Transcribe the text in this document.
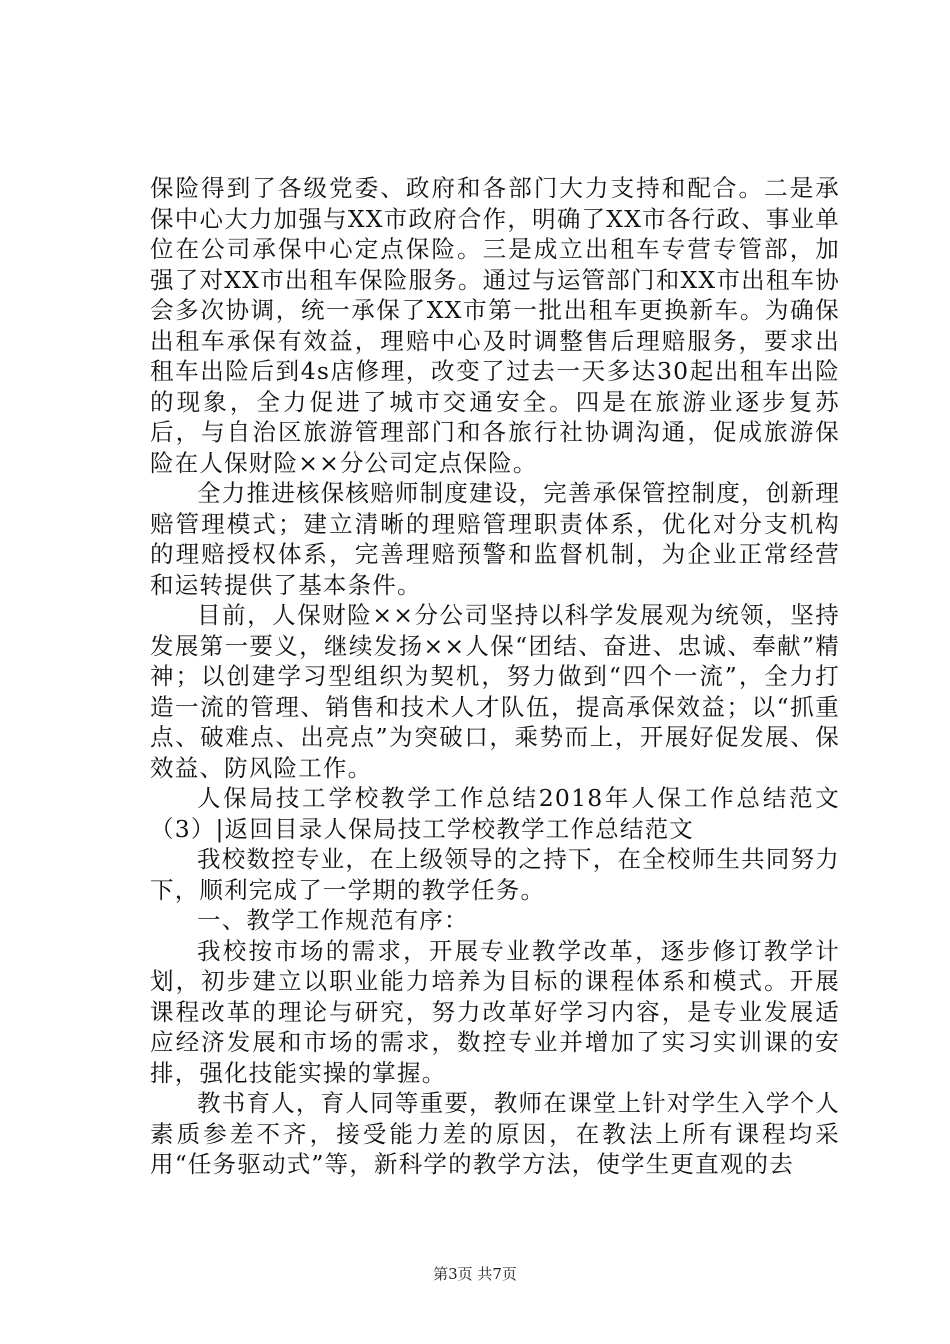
保险得到了各级党委、政府和各部门大力支持和配合。二是承保中心大力加强与XX市政府合作，明确了XX市各行政、事业单位在公司承保中心定点保险。三是成立出租车专营专管部，加强了对XX市出租车保险服务。通过与运管部门和XX市出租车协会多次协调，统一承保了XX市第一批出租车更换新车。为确保出租车承保有效益，理赔中心及时调整售后理赔服务，要求出租车出险后到4s店修理，改变了过去一天多达30起出租车出险的现象，全力促进了城市交通安全。四是在旅游业逐步复苏后，与自治区旅游管理部门和各旅行社协调沟通，促成旅游保险在人保财险××分公司定点保险。

全力推进核保核赔师制度建设，完善承保管控制度，创新理赔管理模式；建立清晰的理赔管理职责体系，优化对分支机构的理赔授权体系，完善理赔预警和监督机制，为企业正常经营和运转提供了基本条件。

目前，人保财险××分公司坚持以科学发展观为统领，坚持发展第一要义，继续发扬××人保“团结、奋进、忠诚、奉献”精神；以创建学习型组织为契机，努力做到“四个一流”，全力打造一流的管理、销售和技术人才队伍，提高承保效益；以“抓重点、破难点、出亮点”为突破口，乘势而上，开展好促发展、保效益、防风险工作。

人保局技工学校教学工作总结2018年人保工作总结范文（3）|返回目录人保局技工学校教学工作总结范文

我校数控专业，在上级领导的之持下，在全校师生共同努力下，顺利完成了一学期的教学任务。

一、教学工作规范有序：

我校按市场的需求，开展专业教学改革，逐步修订教学计划，初步建立以职业能力培养为目标的课程体系和模式。开展课程改革的理论与研究，努力改革好学习内容，是专业发展适应经济发展和市场的需求，数控专业并增加了实习实训课的安排，强化技能实操的掌握。

教书育人，育人同等重要，教师在课堂上针对学生入学个人素质参差不齐，接受能力差的原因，在教法上所有课程均采用“任务驱动式”等，新科学的教学方法，使学生更直观的去

第3页 共7页
